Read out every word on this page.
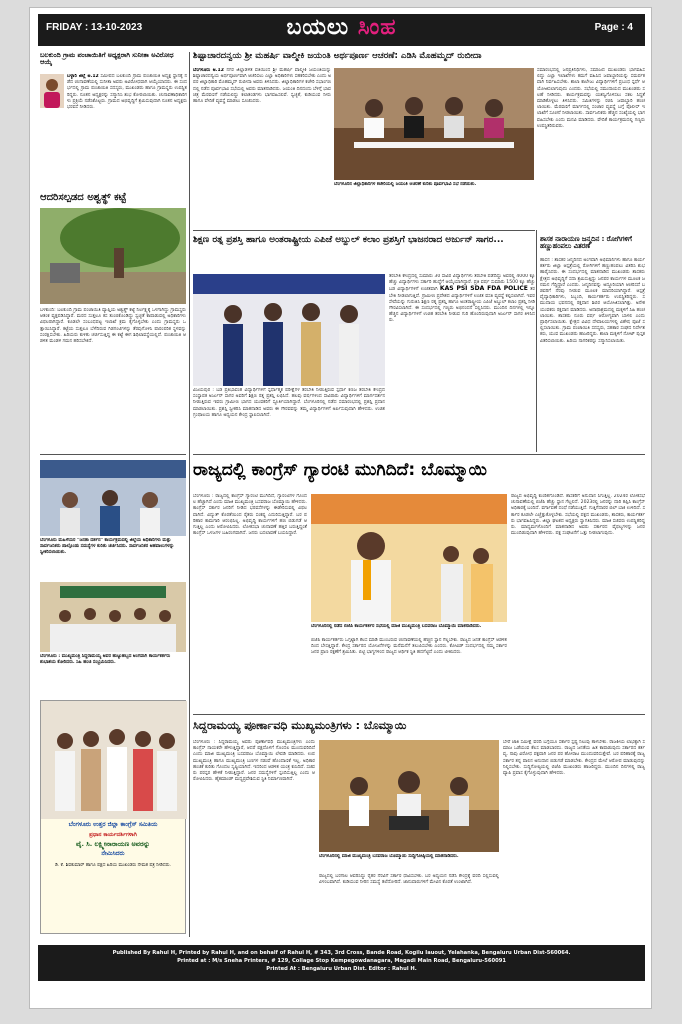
FRIDAY : 13-10-2023	ಬಯಲು ಸಿಂಹ	Page : 4
ಬಲಕುಂದಿ ಗ್ರಾಮ ಪಂಚಾಯಿತಿಗೆ ಅಧ್ಯಕ್ಷರಾಗಿ ಸುನೀತಾ ಅವಿರೋಧ ಆಯ್ಕೆ
ಬಳ್ಳಾರಿ ಜಿಲ್ಲೆ ಅ.12 ಸಮೀಪದ ಬಲಕುಂದಿ ಗ್ರಾಮ ಪಂಚಾಯಿತಿ ಅಧ್ಯಕ್ಷ ಸ್ಥಾನಕ್ಕೆ ನಡೆದ ಚುನಾವಣೆಯಲ್ಲಿ ಸುನೀತಾ ಅವರು ಅವಿರೋಧವಾಗಿ ಆಯ್ಕೆಯಾದರು. ಈ ಸಂದರ್ಭದಲ್ಲಿ ಗ್ರಾಮ ಪಂಚಾಯಿತಿ ಸದಸ್ಯರು, ಮುಖಂಡರು ಹಾಗೂ ಗ್ರಾಮಸ್ಥರು ಉಪಸ್ಥಿತರಿದ್ದರು. ನೂತನ ಅಧ್ಯಕ್ಷರನ್ನು ಸನ್ಮಾನಿಸಿ ಶುಭ ಕೋರಲಾಯಿತು. ಚುನಾವಣಾಧಿಕಾರಿಗಳು ಪ್ರಕ್ರಿಯೆ ನಡೆಸಿಕೊಟ್ಟರು. ಗ್ರಾಮದ ಅಭಿವೃದ್ಧಿಗೆ ಶ್ರಮಿಸುವುದಾಗಿ ನೂತನ ಅಧ್ಯಕ್ಷರು ಭರವಸೆ ನೀಡಿದರು.
ಆದರಿಸಲ್ಪಡದ ಅಶ್ವತ್ಥ್ ಕಟ್ಟೆ
ಬಳಕುಂದಿ: ಬಲಕುಂದಿ ಗ್ರಾಮ ಪಂಚಾಯಿತಿ ವ್ಯಾಪ್ತಿಯ ಅಶ್ವತ್ಥ್ ಕಟ್ಟೆ ನಿರ್ಲಕ್ಷ್ಯಕ್ಕೆ ಒಳಗಾಗಿದ್ದು ಗ್ರಾಮಸ್ಥರು ಆತಂಕ ವ್ಯಕ್ತಪಡಿಸಿದ್ದಾರೆ. ಮರದ ಸುತ್ತಲೂ ಕಸ ತುಂಬಿಕೊಂಡಿದ್ದು ಸ್ವಚ್ಛತೆ ಕಾಪಾಡುವಲ್ಲಿ ಅಧಿಕಾರಿಗಳು ವಿಫಲರಾಗಿದ್ದಾರೆ. ಕೂಡಲೇ ಸಂಬಂಧಪಟ್ಟ ಇಲಾಖೆ ಕ್ರಮ ಕೈಗೊಳ್ಳಬೇಕು ಎಂದು ಗ್ರಾಮಸ್ಥರು ಒತ್ತಾಯಿಸಿದ್ದಾರೆ. ಕಟ್ಟೆಯ ಸುತ್ತಲೂ ಬೆಳೆದಿರುವ ಗಿಡಗಂಟಿಗಳನ್ನು ತೆರವುಗೊಳಿಸಿ ಪಾರಂಪರಿಕ ಸ್ಥಳವನ್ನು ಸಂರಕ್ಷಿಸಬೇಕು. ಹಿರಿಯರು ಕುಳಿತು ಚರ್ಚಿಸುತ್ತಿದ್ದ ಈ ಕಟ್ಟೆ ಈಗ ಶಿಥಿಲಾವಸ್ಥೆಯಲ್ಲಿದೆ. ಪಂಚಾಯಿತಿ ಆಡಳಿತ ಮಂಡಳಿ ಗಮನ ಹರಿಸಬೇಕಿದೆ.
ಬೆಂಗಳೂರು ಮಹಿಳೆಯರ "ಜನತಾ ದರ್ಶನ" ಕಾರ್ಯಕ್ರಮದಲ್ಲಿ ಜಿಲ್ಲೆಯ ಅಧಿಕಾರಿಗಳು ಮತ್ತು ಸಾರ್ವಜನಿಕರು ಪಾಲ್ಗೊಂಡು ಸಮಸ್ಯೆಗಳ ಕುರಿತು ಚರ್ಚಿಸಿದರು. ಸಾರ್ವಜನಿಕರ ಅಹವಾಲುಗಳನ್ನು ಸ್ವೀಕರಿಸಲಾಯಿತು.
ಬೆಂಗಳೂರು : ಮುಖ್ಯಮಂತ್ರಿ ಸಿದ್ದರಾಮಯ್ಯ ಅವರ ಹುಟ್ಟುಹಬ್ಬದ ಅಂಗವಾಗಿ ಕಾರ್ಯಕರ್ತರು ಶುಭಾಶಯ ಕೋರಿದರು. ಸಿಹಿ ಹಂಚಿ ಸಂಭ್ರಮಿಸಿದರು.
ಬೆಂಗಳೂರು ಉತ್ತರ ಜಿಲ್ಲಾ ಕಾಂಗ್ರೆಸ್ ಸಮಿತಿಯ
ಪ್ರಧಾನ ಕಾರ್ಯದರ್ಶಿಗಳಾಗಿ
ವೈ. ಸಿ. ಲಕ್ಷ್ಮೀನಾರಾಯಣ ಅವರನ್ನು
ನೇಮಿಸಿದರು
ಡಿ. ಕೆ. ಶಿವಕುಮಾರ್ ಹಾಗೂ ಪಕ್ಷದ ಹಿರಿಯ ಮುಖಂಡರು ನೇಮಕ ಪತ್ರ ನೀಡಿದರು.
ಶಿಷ್ಟಾಚಾರದನ್ವಯ ಶ್ರೀ ಮಹರ್ಷಿ ವಾಲ್ಮೀಕಿ ಜಯಂತಿ ಅರ್ಥಪೂರ್ಣ ಆಚರಣೆ: ಎಡಿಸಿ ಮೊಹಮ್ಮದ್ ರುಬೀದಾ
ಬೆಂಗಳೂರು ಅ.12 ನಗರ ಜಿಲ್ಲಾಡಳಿತ ವತಿಯಿಂದ ಶ್ರೀ ಮಹರ್ಷಿ ವಾಲ್ಮೀಕಿ ಜಯಂತಿಯನ್ನು ಶಿಷ್ಟಾಚಾರದನ್ವಯ ಅರ್ಥಪೂರ್ಣವಾಗಿ ಆಚರಿಸಲು ಎಲ್ಲಾ ಅಧಿಕಾರಿಗಳು ಸಹಕರಿಸಬೇಕು ಎಂದು ಅಪರ ಜಿಲ್ಲಾಧಿಕಾರಿ ಮೊಹಮ್ಮದ್ ರುಬೀದಾ ಅವರು ತಿಳಿಸಿದರು. ಜಿಲ್ಲಾಧಿಕಾರಿಗಳ ಕಚೇರಿ ಸಭಾಂಗಣದಲ್ಲಿ ನಡೆದ ಪೂರ್ವಭಾವಿ ಸಭೆಯಲ್ಲಿ ಅವರು ಮಾತನಾಡಿದರು. ಜಯಂತಿ ದಿನದಂದು ಬೆಳಿಗ್ಗೆ ಭಾವಚಿತ್ರ ಮೆರವಣಿಗೆ ನಡೆಯಲಿದ್ದು ಕಲಾತಂಡಗಳು ಭಾಗವಹಿಸಲಿವೆ. ಸ್ವಚ್ಛತೆ, ಕುಡಿಯುವ ನೀರು ಹಾಗೂ ವೇದಿಕೆ ವ್ಯವಸ್ಥೆ ಮಾಡಲು ಸೂಚಿಸಿದರು.
ಬೆಂಗಳೂರಿನ ಜಿಲ್ಲಾಧಿಕಾರಿಗಳ ಕಚೇರಿಯಲ್ಲಿ ಜಯಂತಿ ಆಚರಣೆ ಕುರಿತು ಪೂರ್ವಭಾವಿ ಸಭೆ ನಡೆಯಿತು.
ಸಮಾರಂಭದಲ್ಲಿ ಜನಪ್ರತಿನಿಧಿಗಳು, ಸಮಾಜದ ಮುಖಂಡರು ಭಾಗವಹಿಸಲಿದ್ದು ಎಲ್ಲಾ ಇಲಾಖೆಗಳು ತಮಗೆ ವಹಿಸಿದ ಜವಾಬ್ದಾರಿಯನ್ನು ಸಮರ್ಪಕವಾಗಿ ನಿರ್ವಹಿಸಬೇಕು. ಶಾಲಾ ಕಾಲೇಜು ವಿದ್ಯಾರ್ಥಿಗಳಿಗೆ ಪ್ರಬಂಧ ಸ್ಪರ್ಧೆ ಆಯೋಜಿಸಲಾಗುವುದು ಎಂದರು. ಸಭೆಯಲ್ಲಿ ಸಮುದಾಯದ ಮುಖಂಡರು ಸಲಹೆ ನೀಡಿದರು. ಕಾರ್ಯಕ್ರಮವನ್ನು ಯಶಸ್ವಿಗೊಳಿಸಲು ಸಕಲ ಸಿದ್ಧತೆ ಮಾಡಿಕೊಳ್ಳಲು ತಿಳಿಸಿದರು. ಸಮಿತಿಗಳನ್ನು ರಚಿಸಿ ಜವಾಬ್ದಾರಿ ಹಂಚಲಾಯಿತು. ಮೆರವಣಿಗೆ ಮಾರ್ಗದಲ್ಲಿ ಸಂಚಾರ ವ್ಯವಸ್ಥೆ ಬಗ್ಗೆ ಪೊಲೀಸ್ ಇಲಾಖೆಗೆ ಸೂಚನೆ ನೀಡಲಾಯಿತು. ಸಾರ್ವಜನಿಕರು ಹೆಚ್ಚಿನ ಸಂಖ್ಯೆಯಲ್ಲಿ ಭಾಗವಹಿಸಬೇಕು ಎಂದು ಮನವಿ ಮಾಡಿದರು. ವೇದಿಕೆ ಕಾರ್ಯಕ್ರಮದಲ್ಲಿ ಗಣ್ಯರು ಉಪಸ್ಥಿತರಿರುವರು.
ಶಿಕ್ಷಣ ರತ್ನ ಪ್ರಶಸ್ತಿ ಹಾಗೂ ಅಂತರಾಷ್ಟ್ರೀಯ ಎಪಿಜೆ ಅಬ್ದುಲ್ ಕಲಾಂ ಪ್ರಶಸ್ತಿಗೆ ಭಾಜನರಾದ ಅರ್ಜುನ್ ಸಾಗರ...
ವಿಜಯಪುರ : ಬಡ ಪ್ರತಿಭಾವಂತ ವಿದ್ಯಾರ್ಥಿಗಳಿಗೆ ಸ್ಪರ್ಧಾತ್ಮಕ ಪರೀಕ್ಷೆಗಳ ತರಬೇತಿ ನೀಡುತ್ತಿರುವ ಸ್ಪರ್ಧಾ ಕಣಜ ತರಬೇತಿ ಕೇಂದ್ರದ ಸಂಸ್ಥಾಪಕ ಅರ್ಜುನ್ ಸಾಗರ ಅವರಿಗೆ ಶಿಕ್ಷಣ ರತ್ನ ಪ್ರಶಸ್ತಿ ಲಭಿಸಿದೆ. ಹಲವು ವರ್ಷಗಳಿಂದ ಸಾವಿರಾರು ವಿದ್ಯಾರ್ಥಿಗಳಿಗೆ ಮಾರ್ಗದರ್ಶನ ನೀಡುತ್ತಿರುವ ಇವರು ಗ್ರಾಮೀಣ ಭಾಗದ ಯುವಕರಿಗೆ ಸ್ಫೂರ್ತಿಯಾಗಿದ್ದಾರೆ. ಬೆಂಗಳೂರಿನಲ್ಲಿ ನಡೆದ ಸಮಾರಂಭದಲ್ಲಿ ಪ್ರಶಸ್ತಿ ಪ್ರದಾನ ಮಾಡಲಾಯಿತು. ಪ್ರಶಸ್ತಿ ಸ್ವೀಕರಿಸಿ ಮಾತನಾಡಿದ ಅವರು ಈ ಗೌರವವನ್ನು ತಮ್ಮ ವಿದ್ಯಾರ್ಥಿಗಳಿಗೆ ಅರ್ಪಿಸುವುದಾಗಿ ಹೇಳಿದರು. ಉಚಿತ ಗ್ರಂಥಾಲಯ ಹಾಗೂ ಅಧ್ಯಯನ ಕೇಂದ್ರ ಸ್ಥಾಪಿಸಲಾಗಿದೆ.
ತರಬೇತಿ ಕೇಂದ್ರದಲ್ಲಿ ಸುಮಾರು 30 ಸಾವಿರ ವಿದ್ಯಾರ್ಥಿಗಳು ತರಬೇತಿ ಪಡೆದಿದ್ದು ಅವರಲ್ಲಿ 4000 ಕ್ಕೂ ಹೆಚ್ಚು ವಿದ್ಯಾರ್ಥಿಗಳು ಸರ್ಕಾರಿ ಹುದ್ದೆಗೆ ಆಯ್ಕೆಯಾಗಿದ್ದಾರೆ. ಪ್ರತಿ ವರ್ಷ ಸುಮಾರು 1500 ಕ್ಕೂ ಹೆಚ್ಚು ಬಡ ವಿದ್ಯಾರ್ಥಿಗಳಿಗೆ ಉಚಿತವಾಗಿ KAS PSI SDA FDA POLICE ತರಬೇತಿ ನೀಡಲಾಗುತ್ತಿದೆ. ಗ್ರಾಮೀಣ ಪ್ರದೇಶದ ವಿದ್ಯಾರ್ಥಿಗಳಿಗೆ ಉಚಿತ ವಸತಿ ವ್ಯವಸ್ಥೆ ಕಲ್ಪಿಸಲಾಗಿದೆ. ಇವರ ಸೇವೆಯನ್ನು ಗುರುತಿಸಿ ಶಿಕ್ಷಣ ರತ್ನ ಪ್ರಶಸ್ತಿ ಹಾಗೂ ಅಂತರಾಷ್ಟ್ರೀಯ ಎಪಿಜೆ ಅಬ್ದುಲ್ ಕಲಾಂ ಪ್ರಶಸ್ತಿ ನೀಡಿ ಗೌರವಿಸಲಾಗಿದೆ. ಈ ಸಂದರ್ಭದಲ್ಲಿ ಗಣ್ಯರು ಅಭಿನಂದನೆ ಸಲ್ಲಿಸಿದರು. ಮುಂದಿನ ದಿನಗಳಲ್ಲಿ ಇನ್ನೂ ಹೆಚ್ಚಿನ ವಿದ್ಯಾರ್ಥಿಗಳಿಗೆ ಉಚಿತ ತರಬೇತಿ ನೀಡುವ ಗುರಿ ಹೊಂದಿರುವುದಾಗಿ ಅರ್ಜುನ್ ಸಾಗರ ತಿಳಿಸಿದರು.
ಶಾಸಕ ನಾರಾಯಣ ಜನ್ಮದಿನ : ರೋಗಿಗಳಿಗೆ ಹಣ್ಣುಹಂಪಲು ವಿತರಣೆ
ಹಾಸನ : ಶಾಸಕರ ಜನ್ಮದಿನದ ಅಂಗವಾಗಿ ಅಭಿಮಾನಿಗಳು ಹಾಗೂ ಕಾರ್ಯಕರ್ತರು ಜಿಲ್ಲಾ ಆಸ್ಪತ್ರೆಯಲ್ಲಿ ರೋಗಿಗಳಿಗೆ ಹಣ್ಣುಹಂಪಲು ವಿತರಿಸಿ ಶುಭ ಹಾರೈಸಿದರು. ಈ ಸಂದರ್ಭದಲ್ಲಿ ಮಾತನಾಡಿದ ಮುಖಂಡರು ಶಾಸಕರು ಕ್ಷೇತ್ರದ ಅಭಿವೃದ್ಧಿಗೆ ಸದಾ ಶ್ರಮಿಸುತ್ತಿದ್ದು ಜನಪರ ಕಾರ್ಯಗಳ ಮೂಲಕ ಜನಮನ ಗೆದ್ದಿದ್ದಾರೆ ಎಂದರು. ಜನ್ಮದಿನವನ್ನು ಅದ್ದೂರಿಯಾಗಿ ಆಚರಿಸದೆ ಬಡವರಿಗೆ ನೆರವು ನೀಡುವ ಮೂಲಕ ಮಾದರಿಯಾಗಿದ್ದಾರೆ. ಆಸ್ಪತ್ರೆ ವೈದ್ಯಾಧಿಕಾರಿಗಳು, ಸಿಬ್ಬಂದಿ, ಕಾರ್ಯಕರ್ತರು ಉಪಸ್ಥಿತರಿದ್ದರು. ಸಮುದಾಯ ಭವನದಲ್ಲಿ ರಕ್ತದಾನ ಶಿಬಿರ ಆಯೋಜಿಸಲಾಗಿತ್ತು. ಅನೇಕ ಯುವಕರು ರಕ್ತದಾನ ಮಾಡಿದರು. ಅನಾಥಾಶ್ರಮದಲ್ಲಿ ಮಕ್ಕಳಿಗೆ ಸಿಹಿ ಹಂಚಲಾಯಿತು. ಶಾಸಕರು ನೂರು ವರ್ಷ ಆರೋಗ್ಯವಾಗಿ ಬಾಳಲಿ ಎಂದು ಪ್ರಾರ್ಥಿಸಲಾಯಿತು. ಕ್ಷೇತ್ರದ ವಿವಿಧ ದೇವಾಲಯಗಳಲ್ಲಿ ವಿಶೇಷ ಪೂಜೆ ಸಲ್ಲಿಸಲಾಯಿತು. ಗ್ರಾಮ ಪಂಚಾಯಿತಿ ಸದಸ್ಯರು, ಸಹಕಾರ ಸಂಘದ ನಿರ್ದೇಶಕರು, ಯುವ ಮುಖಂಡರು ಹಾಜರಿದ್ದರು. ಶಾಲಾ ಮಕ್ಕಳಿಗೆ ನೋಟ್ ಪುಸ್ತಕ ವಿತರಿಸಲಾಯಿತು. ಹಿರಿಯ ನಾಗರಿಕರನ್ನು ಸನ್ಮಾನಿಸಲಾಯಿತು.
ರಾಜ್ಯದಲ್ಲಿ ಕಾಂಗ್ರೆಸ್ ಗ್ಯಾರಂಟಿ ಮುಗಿದಿದೆ: ಬೊಮ್ಮಾಯಿ
ಬೆಂಗಳೂರು : ರಾಜ್ಯದಲ್ಲಿ ಕಾಂಗ್ರೆಸ್ ಗ್ಯಾರಂಟಿ ಮುಗಿದಿದೆ, ಗ್ಯಾರಂಟಿಗಳ ಗೊಂದಲ ಹೆಚ್ಚಾಗಿದೆ ಎಂದು ಮಾಜಿ ಮುಖ್ಯಮಂತ್ರಿ ಬಸವರಾಜ ಬೊಮ್ಮಾಯಿ ಹೇಳಿದರು. ಕಾಂಗ್ರೆಸ್ ಸರ್ಕಾರ ಜನರಿಗೆ ನೀಡಿದ ಭರವಸೆಗಳನ್ನು ಈಡೇರಿಸುವಲ್ಲಿ ವಿಫಲವಾಗಿದೆ. ವಿದ್ಯುತ್ ಕೊರತೆಯಿಂದ ರೈತರು ಸಂಕಷ್ಟ ಎದುರಿಸುತ್ತಿದ್ದಾರೆ. ಬರ ಪರಿಹಾರ ಕಾಮಗಾರಿ ಆರಂಭಿಸಿಲ್ಲ. ಅಭಿವೃದ್ಧಿ ಕಾರ್ಯಗಳಿಗೆ ಹಣ ಬಿಡುಗಡೆ ಆಗುತ್ತಿಲ್ಲ ಎಂದು ಆರೋಪಿಸಿದರು. ಲೋಕಸಭಾ ಚುನಾವಣೆ ಹತ್ತಿರ ಬರುತ್ತಿದ್ದಂತೆ ಕಾಂಗ್ರೆಸ್ ಒಳಜಗಳ ಬಹಿರಂಗವಾಗಿದೆ. ಜನರು ಬದಲಾವಣೆ ಬಯಸಿದ್ದಾರೆ.
ಬೆಂಗಳೂರಿನಲ್ಲಿ ನಡೆದ ಬಿಜೆಪಿ ಕಾರ್ಯಕರ್ತರ ಸಭೆಯಲ್ಲಿ ಮಾಜಿ ಮುಖ್ಯಮಂತ್ರಿ ಬಸವರಾಜ ಬೊಮ್ಮಾಯಿ ಮಾತನಾಡಿದರು.
ಬಿಜೆಪಿ ಕಾರ್ಯಕರ್ತರು ಒಗ್ಗಟ್ಟಾಗಿ ಕೆಲಸ ಮಾಡಿ ಮುಂಬರುವ ಚುನಾವಣೆಯಲ್ಲಿ ಹೆಚ್ಚಿನ ಸ್ಥಾನ ಗೆಲ್ಲಬೇಕು. ರಾಜ್ಯದ ಜನತೆ ಕಾಂಗ್ರೆಸ್ ಆಡಳಿತದಿಂದ ಬೇಸತ್ತಿದ್ದಾರೆ. ಕೇಂದ್ರ ಸರ್ಕಾರದ ಯೋಜನೆಗಳನ್ನು ಮನೆಮನೆಗೆ ತಲುಪಿಸಬೇಕು ಎಂದರು. ಕೋವಿಡ್ ಸಂದರ್ಭದಲ್ಲಿ ನಮ್ಮ ಸರ್ಕಾರ ಜನರ ಪ್ರಾಣ ರಕ್ಷಣೆಗೆ ಶ್ರಮಿಸಿತು. ಬಿಟ್ಟಿ ಭಾಗ್ಯಗಳಿಂದ ರಾಜ್ಯದ ಆರ್ಥಿಕ ಸ್ಥಿತಿ ಹದಗೆಟ್ಟಿದೆ ಎಂದು ಟೀಕಿಸಿದರು.
ರಾಜ್ಯದ ಅಭಿವೃದ್ಧಿ ಕುಂಠಿತಗೊಂಡಿದೆ. ಶಾಸಕರಿಗೆ ಅನುದಾನ ಸಿಗುತ್ತಿಲ್ಲ. 2024ರ ಲೋಕಸಭೆ ಚುನಾವಣೆಯಲ್ಲಿ ಬಿಜೆಪಿ ಹೆಚ್ಚು ಸ್ಥಾನ ಗೆಲ್ಲಲಿದೆ. 2023ರಲ್ಲಿ ಜನರನ್ನು ದಾರಿ ತಪ್ಪಿಸಿ ಕಾಂಗ್ರೆಸ್ ಅಧಿಕಾರಕ್ಕೆ ಬಂದಿದೆ. ವರ್ಗಾವಣೆ ದಂಧೆ ನಡೆಯುತ್ತಿದೆ. ಗುತ್ತಿಗೆದಾರರ ಬಿಲ್ ಬಾಕಿ ಉಳಿದಿದೆ. ಸರ್ಕಾರ ಕೂಡಲೇ ಎಚ್ಚೆತ್ತುಕೊಳ್ಳಬೇಕು. ಸಭೆಯಲ್ಲಿ ಪಕ್ಷದ ಮುಖಂಡರು, ಶಾಸಕರು, ಕಾರ್ಯಕರ್ತರು ಭಾಗವಹಿಸಿದ್ದರು. ಜಿಲ್ಲಾ ಘಟಕದ ಅಧ್ಯಕ್ಷರು ಸ್ವಾಗತಿಸಿದರು. ಮಾಜಿ ಸಚಿವರು ಉಪಸ್ಥಿತರಿದ್ದರು. ಮಾಧ್ಯಮಗಳೊಂದಿಗೆ ಮಾತನಾಡಿದ ಅವರು ಸರ್ಕಾರದ ವೈಫಲ್ಯಗಳನ್ನು ಜನರ ಮುಂದಿಡುವುದಾಗಿ ಹೇಳಿದರು. ಪಕ್ಷ ಸಂಘಟನೆಗೆ ಒತ್ತು ನೀಡಲಾಗುವುದು.
ಸಿದ್ದರಾಮಯ್ಯ ಪೂರ್ಣಾವಧಿ ಮುಖ್ಯಮಂತ್ರಿಗಳು : ಬೊಮ್ಮಾಯಿ
ಬೆಂಗಳೂರು : ಸಿದ್ದರಾಮಯ್ಯ ಅವರು ಪೂರ್ಣಾವಧಿ ಮುಖ್ಯಮಂತ್ರಿಗಳು ಎಂದು ಕಾಂಗ್ರೆಸ್ ನಾಯಕರೇ ಹೇಳುತ್ತಿದ್ದಾರೆ, ಆದರೆ ಪಕ್ಷದೊಳಗೆ ಗೊಂದಲ ಮುಂದುವರಿದಿದೆ ಎಂದು ಮಾಜಿ ಮುಖ್ಯಮಂತ್ರಿ ಬಸವರಾಜ ಬೊಮ್ಮಾಯಿ ಲೇವಡಿ ಮಾಡಿದರು. ಉಪಮುಖ್ಯಮಂತ್ರಿ ಹಾಗೂ ಮುಖ್ಯಮಂತ್ರಿ ಬಣಗಳ ನಡುವೆ ಹೊಂದಾಣಿಕೆ ಇಲ್ಲ. ಅಧಿಕಾರ ಹಂಚಿಕೆ ಕುರಿತು ಗೊಂದಲ ಸೃಷ್ಟಿಯಾಗಿದೆ. ಇದರಿಂದ ಆಡಳಿತ ಯಂತ್ರ ಕುಸಿದಿದೆ. ಸಚಿವರು ಪರಸ್ಪರ ಹೇಳಿಕೆ ನೀಡುತ್ತಿದ್ದಾರೆ. ಜನರ ಸಮಸ್ಯೆಗಳಿಗೆ ಸ್ಪಂದಿಸುತ್ತಿಲ್ಲ ಎಂದು ಆರೋಪಿಸಿದರು. ಹೈಕಮಾಂಡ್ ಮಧ್ಯಪ್ರವೇಶಿಸುವ ಸ್ಥಿತಿ ನಿರ್ಮಾಣವಾಗಿದೆ.
ಬೆಂಗಳೂರಿನಲ್ಲಿ ಮಾಜಿ ಮುಖ್ಯಮಂತ್ರಿ ಬಸವರಾಜ ಬೊಮ್ಮಾಯಿ ಸುದ್ದಿಗೋಷ್ಠಿಯಲ್ಲಿ ಮಾತನಾಡಿದರು.
ರಾಜ್ಯದಲ್ಲಿ ಬರಗಾಲ ಆವರಿಸಿದ್ದು ರೈತರ ನೆರವಿಗೆ ಸರ್ಕಾರ ಧಾವಿಸಬೇಕು. ಬರ ಅಧ್ಯಯನ ನಡೆಸಿ ಕೇಂದ್ರಕ್ಕೆ ವರದಿ ಸಲ್ಲಿಸುವಲ್ಲಿ ವಿಳಂಬವಾಗಿದೆ. ಕುಡಿಯುವ ನೀರಿನ ಸಮಸ್ಯೆ ತಲೆದೋರಿದೆ. ಜಾನುವಾರುಗಳಿಗೆ ಮೇವಿನ ಕೊರತೆ ಉಂಟಾಗಿದೆ.
ಬೇರೆ ಜಾತಿ ಸಮೀಕ್ಷೆ ವರದಿ ಬಗ್ಗೆಯೂ ಸರ್ಕಾರ ಸ್ಪಷ್ಟ ನಿಲುವು ತಾಳಬೇಕು. ರಾಜಕೀಯ ಲಾಭಕ್ಕಾಗಿ ಸಮಾಜ ಒಡೆಯುವ ಕೆಲಸ ಮಾಡಬಾರದು. ರಾಜ್ಯದ ಜನತೆಯ ಹಿತ ಕಾಪಾಡುವುದು ಸರ್ಕಾರದ ಕರ್ತವ್ಯ. ನಾವು ವಿರೋಧ ಪಕ್ಷವಾಗಿ ಜನರ ಪರ ಹೋರಾಟ ಮುಂದುವರಿಸುತ್ತೇವೆ. ಬರ ಪರಿಹಾರಕ್ಕೆ ರಾಜ್ಯ ಸರ್ಕಾರ ತನ್ನ ಪಾಲಿನ ಅನುದಾನ ಬಿಡುಗಡೆ ಮಾಡಬೇಕು. ಕೇಂದ್ರದ ಮೇಲೆ ಆರೋಪ ಮಾಡುವುದನ್ನು ನಿಲ್ಲಿಸಬೇಕು. ಸುದ್ದಿಗೋಷ್ಠಿಯಲ್ಲಿ ಬಿಜೆಪಿ ಮುಖಂಡರು ಹಾಜರಿದ್ದರು. ಮುಂದಿನ ದಿನಗಳಲ್ಲಿ ರಾಜ್ಯವ್ಯಾಪಿ ಪ್ರವಾಸ ಕೈಗೊಳ್ಳುವುದಾಗಿ ಹೇಳಿದರು.
Published By Rahul H, Printed by Rahul H, and on behalf of Rahul H, # 343, 3rd Cross, Bande Road, Kogilu Iauout, Yelahanka, Bengaluru Urban Dist-560064.
Printed at : M/s Sneha Printers, # 129, Collage Stop Kempegowdanagara, Magadi Main Road, Bengaluru-560091
Printed At : Bengaluru Urban Dist. Editor : Rahul H.
